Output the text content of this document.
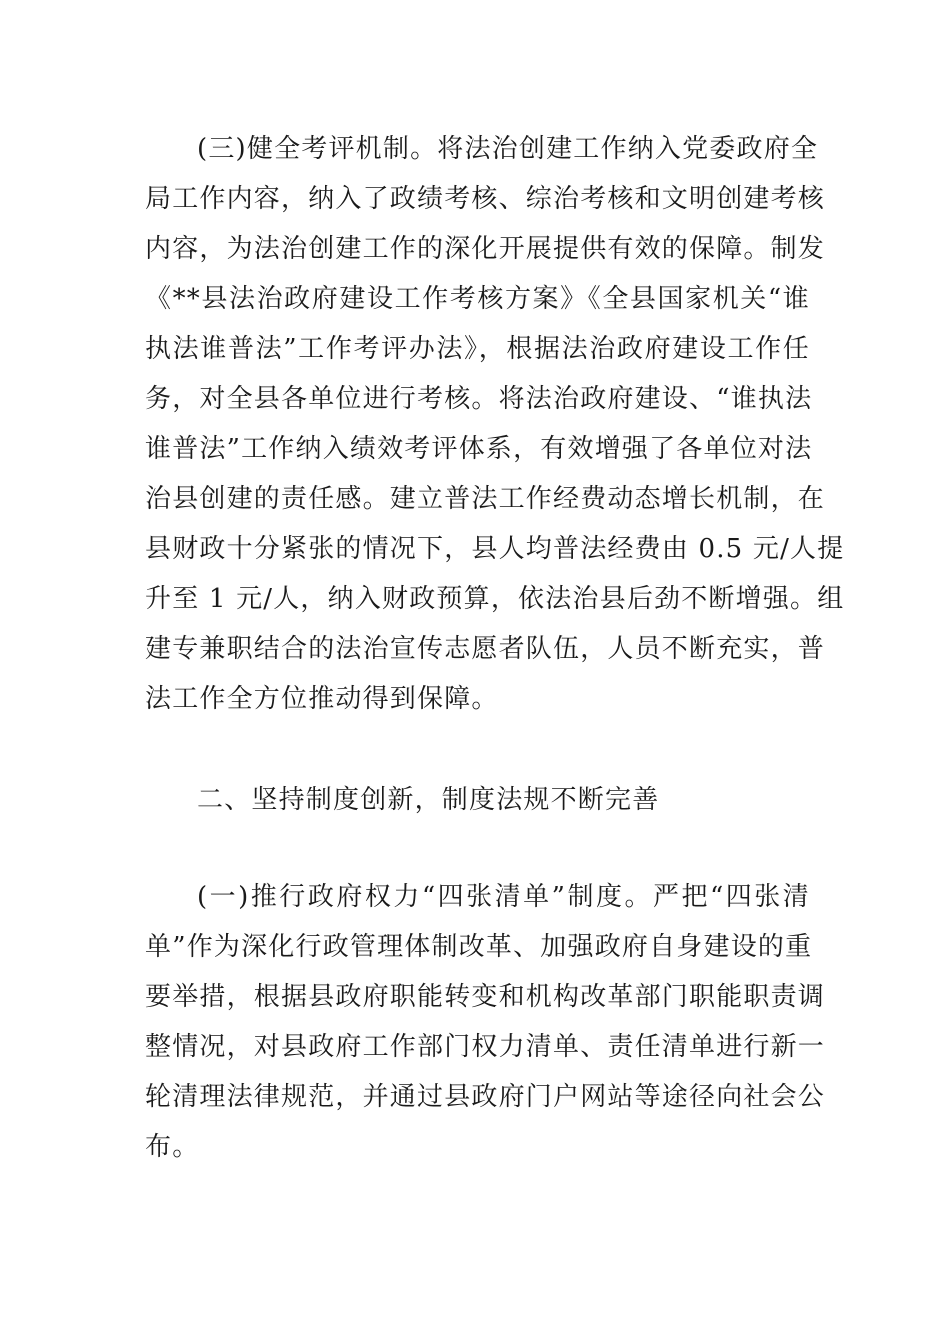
(三)健全考评机制。将法治创建工作纳入党委政府全
局工作内容，纳入了政绩考核、综治考核和文明创建考核
内容，为法治创建工作的深化开展提供有效的保障。制发
《**县法治政府建设工作考核方案》《全县国家机关“谁
执法谁普法”工作考评办法》，根据法治政府建设工作任
务，对全县各单位进行考核。将法治政府建设、“谁执法
谁普法”工作纳入绩效考评体系，有效增强了各单位对法
治县创建的责任感。建立普法工作经费动态增长机制，在
县财政十分紧张的情况下，县人均普法经费由 0.5 元/人提
升至 1 元/人，纳入财政预算，依法治县后劲不断增强。组
建专兼职结合的法治宣传志愿者队伍，人员不断充实，普
法工作全方位推动得到保障。
二、坚持制度创新，制度法规不断完善
(一)推行政府权力“四张清单”制度。严把“四张清
单”作为深化行政管理体制改革、加强政府自身建设的重
要举措，根据县政府职能转变和机构改革部门职能职责调
整情况，对县政府工作部门权力清单、责任清单进行新一
轮清理法律规范，并通过县政府门户网站等途径向社会公
布。
